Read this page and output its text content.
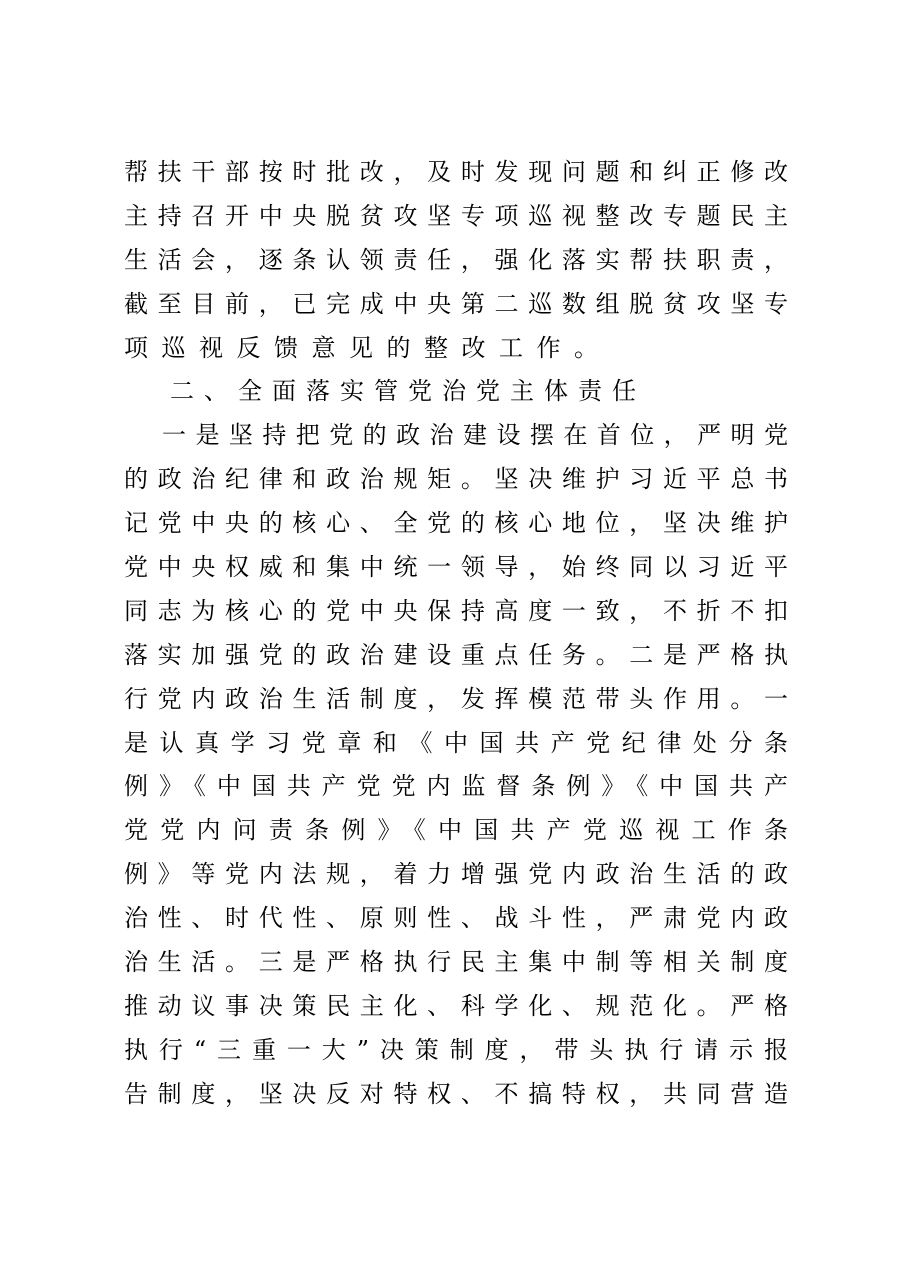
帮扶干部按时批改，及时发现问题和纠正修改
主持召开中央脱贫攻坚专项巡视整改专题民主
生活会，逐条认领责任，强化落实帮扶职责，
截至目前，已完成中央第二巡数组脱贫攻坚专
项巡视反馈意见的整改工作。
二、全面落实管党治党主体责任
一是坚持把党的政治建设摆在首位，严明党
的政治纪律和政治规矩。坚决维护习近平总书
记党中央的核心、全党的核心地位，坚决维护
党中央权威和集中统一领导，始终同以习近平
同志为核心的党中央保持高度一致，不折不扣
落实加强党的政治建设重点任务。二是严格执
行党内政治生活制度，发挥模范带头作用。一
是认真学习党章和《中国共产党纪律处分条
例》《中国共产党党内监督条例》《中国共产
党党内问责条例》《中国共产党巡视工作条
例》等党内法规，着力增强党内政治生活的政
治性、时代性、原则性、战斗性，严肃党内政
治生活。三是严格执行民主集中制等相关制度
推动议事决策民主化、科学化、规范化。严格
执行“三重一大”决策制度，带头执行请示报
告制度，坚决反对特权、不搞特权，共同营造
